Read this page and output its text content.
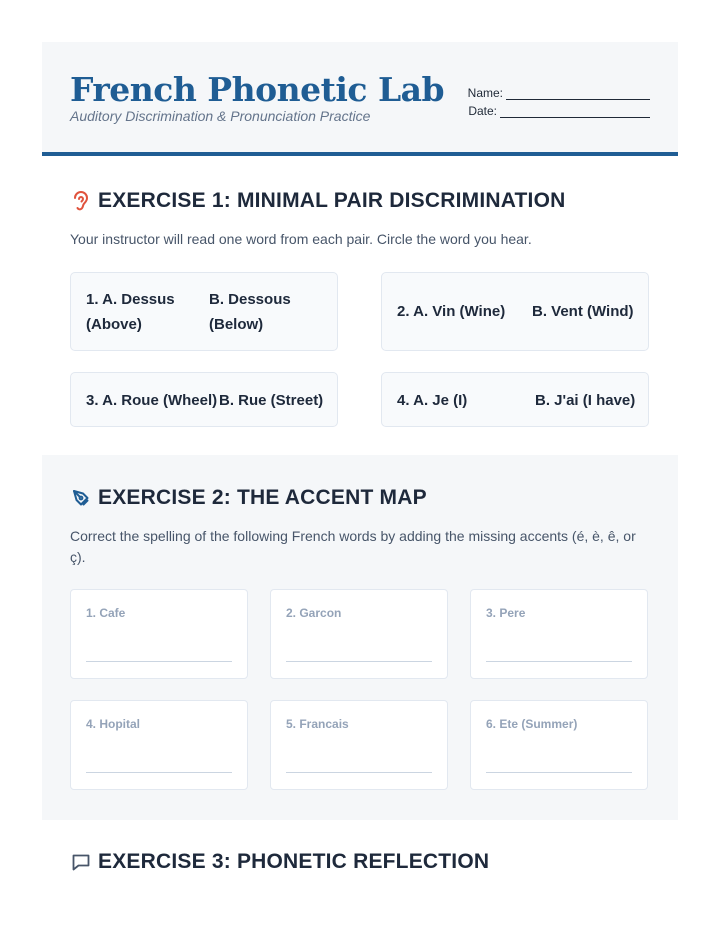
French Phonetic Lab
Auditory Discrimination & Pronunciation Practice
Name:
Date:
EXERCISE 1: MINIMAL PAIR DISCRIMINATION
Your instructor will read one word from each pair. Circle the word you hear.
1. A. Dessus
(Above)
B. Dessous
(Below)
2. A. Vin (Wine) B. Vent (Wind)
3. A. Roue (Wheel) B. Rue (Street)	4. A. Je (I)	B. J'ai (I have)
EXERCISE 2: THE ACCENT MAP
Correct the spelling of the following French words by adding the missing accents (é, è, ê, or
ç).
1. Cafe	2. Garcon	3. Pere
4. Hopital	5. Francais	6. Ete (Summer)
EXERCISE 3: PHONETIC REFLECTION
